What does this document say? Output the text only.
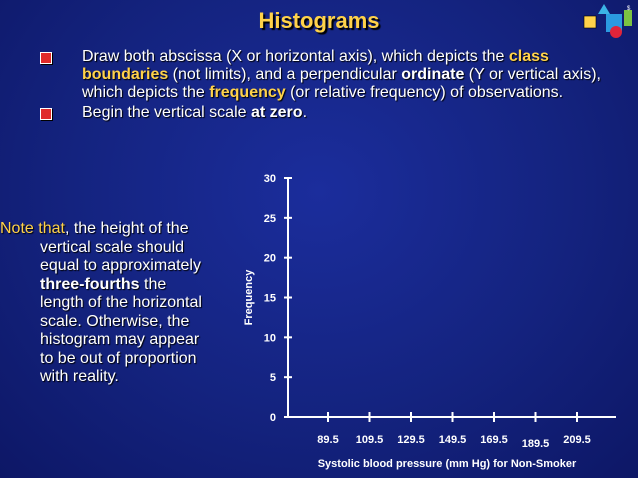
Histograms	$
Draw both abscissa (X or horizontal axis), which depicts the class boundaries (not limits), and a perpendicular ordinate (Y or vertical axis), which depicts the frequency (or relative frequency) of observations.
Begin the vertical scale at zero.
Note that, the height of the
vertical scale should
equal to approximately
three-fourths the
length of the horizontal
scale. Otherwise, the
histogram may appear
to be out of proportion
with reality.
0
5
10
15
20
25
30
89.5 109.5 129.5 149.5 169.5 189.5 209.5
Frequency
Systolic blood pressure (mm Hg) for Non-Smoker
